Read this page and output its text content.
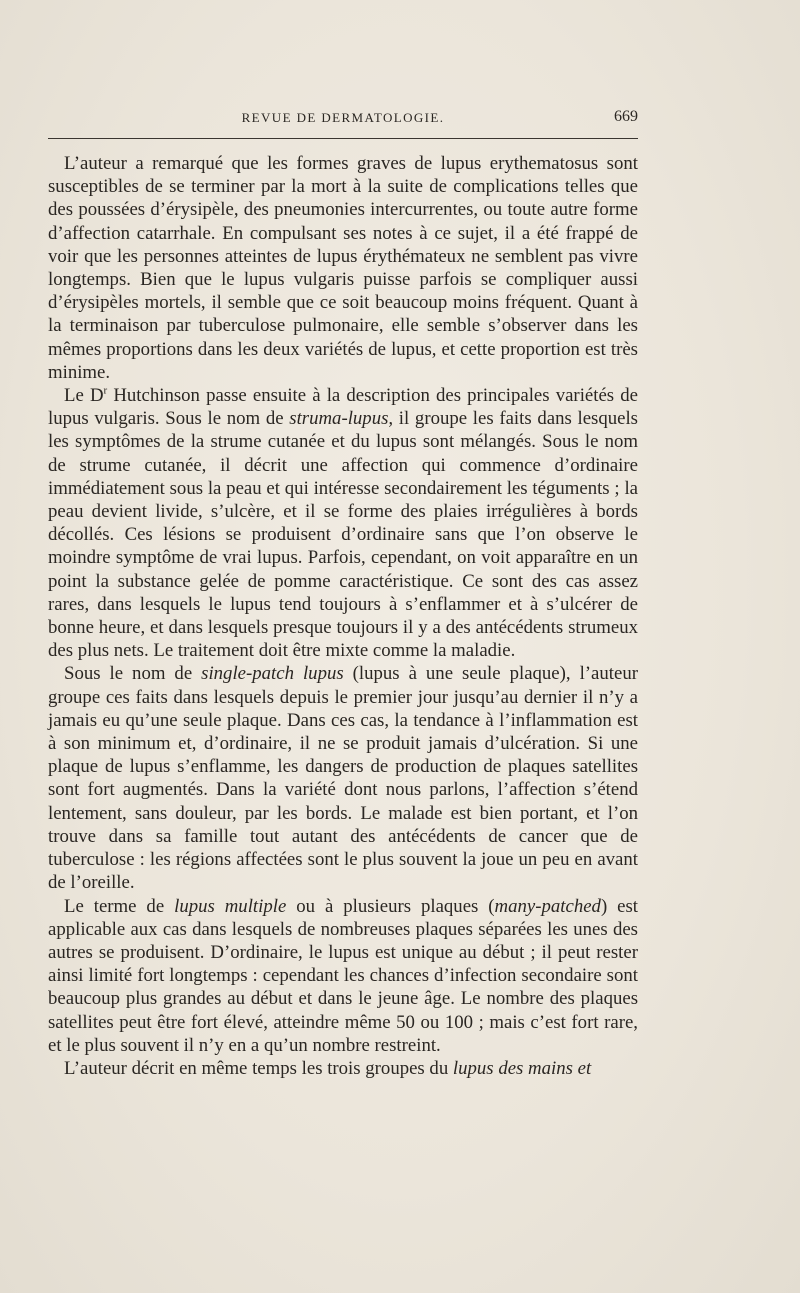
REVUE DE DERMATOLOGIE.	669

L’auteur a remarqué que les formes graves de lupus erythematosus sont susceptibles de se terminer par la mort à la suite de complications telles que des poussées d’érysipèle, des pneumonies intercurrentes, ou toute autre forme d’affection catarrhale. En compulsant ses notes à ce sujet, il a été frappé de voir que les personnes atteintes de lupus érythémateux ne semblent pas vivre longtemps. Bien que le lupus vulgaris puisse parfois se compliquer aussi d’érysipèles mortels, il semble que ce soit beaucoup moins fréquent. Quant à la terminaison par tuberculose pulmonaire, elle semble s’observer dans les mêmes proportions dans les deux variétés de lupus, et cette proportion est très minime.

Le $D^r$ Hutchinson passe ensuite à la description des principales variétés de lupus vulgaris. Sous le nom de struma-lupus, il groupe les faits dans lesquels les symptômes de la strume cutanée et du lupus sont mélangés. Sous le nom de strume cutanée, il décrit une affection qui commence d’ordinaire immédiatement sous la peau et qui intéresse secondairement les téguments ; la peau devient livide, s’ulcère, et il se forme des plaies irrégulières à bords décollés. Ces lésions se produisent d’ordinaire sans que l’on observe le moindre symptôme de vrai lupus. Parfois, cependant, on voit apparaître en un point la substance gelée de pomme caractéristique. Ce sont des cas assez rares, dans lesquels le lupus tend toujours à s’enflammer et à s’ulcérer de bonne heure, et dans lesquels presque toujours il y a des antécédents strumeux des plus nets. Le traitement doit être mixte comme la maladie.

Sous le nom de single-patch lupus (lupus à une seule plaque), l’auteur groupe ces faits dans lesquels depuis le premier jour jusqu’au dernier il n’y a jamais eu qu’une seule plaque. Dans ces cas, la tendance à l’inflammation est à son minimum et, d’ordinaire, il ne se produit jamais d’ulcération. Si une plaque de lupus s’enflamme, les dangers de production de plaques satellites sont fort augmentés. Dans la variété dont nous parlons, l’affection s’étend lentement, sans douleur, par les bords. Le malade est bien portant, et l’on trouve dans sa famille tout autant des antécédents de cancer que de tuberculose : les régions affectées sont le plus souvent la joue un peu en avant de l’oreille.

Le terme de lupus multiple ou à plusieurs plaques (many-patched) est applicable aux cas dans lesquels de nombreuses plaques séparées les unes des autres se produisent. D’ordinaire, le lupus est unique au début ; il peut rester ainsi limité fort longtemps : cependant les chances d’infection secondaire sont beaucoup plus grandes au début et dans le jeune âge. Le nombre des plaques satellites peut être fort élevé, atteindre même 50 ou 100 ; mais c’est fort rare, et le plus souvent il n’y en a qu’un nombre restreint.

L’auteur décrit en même temps les trois groupes du lupus des mains et
